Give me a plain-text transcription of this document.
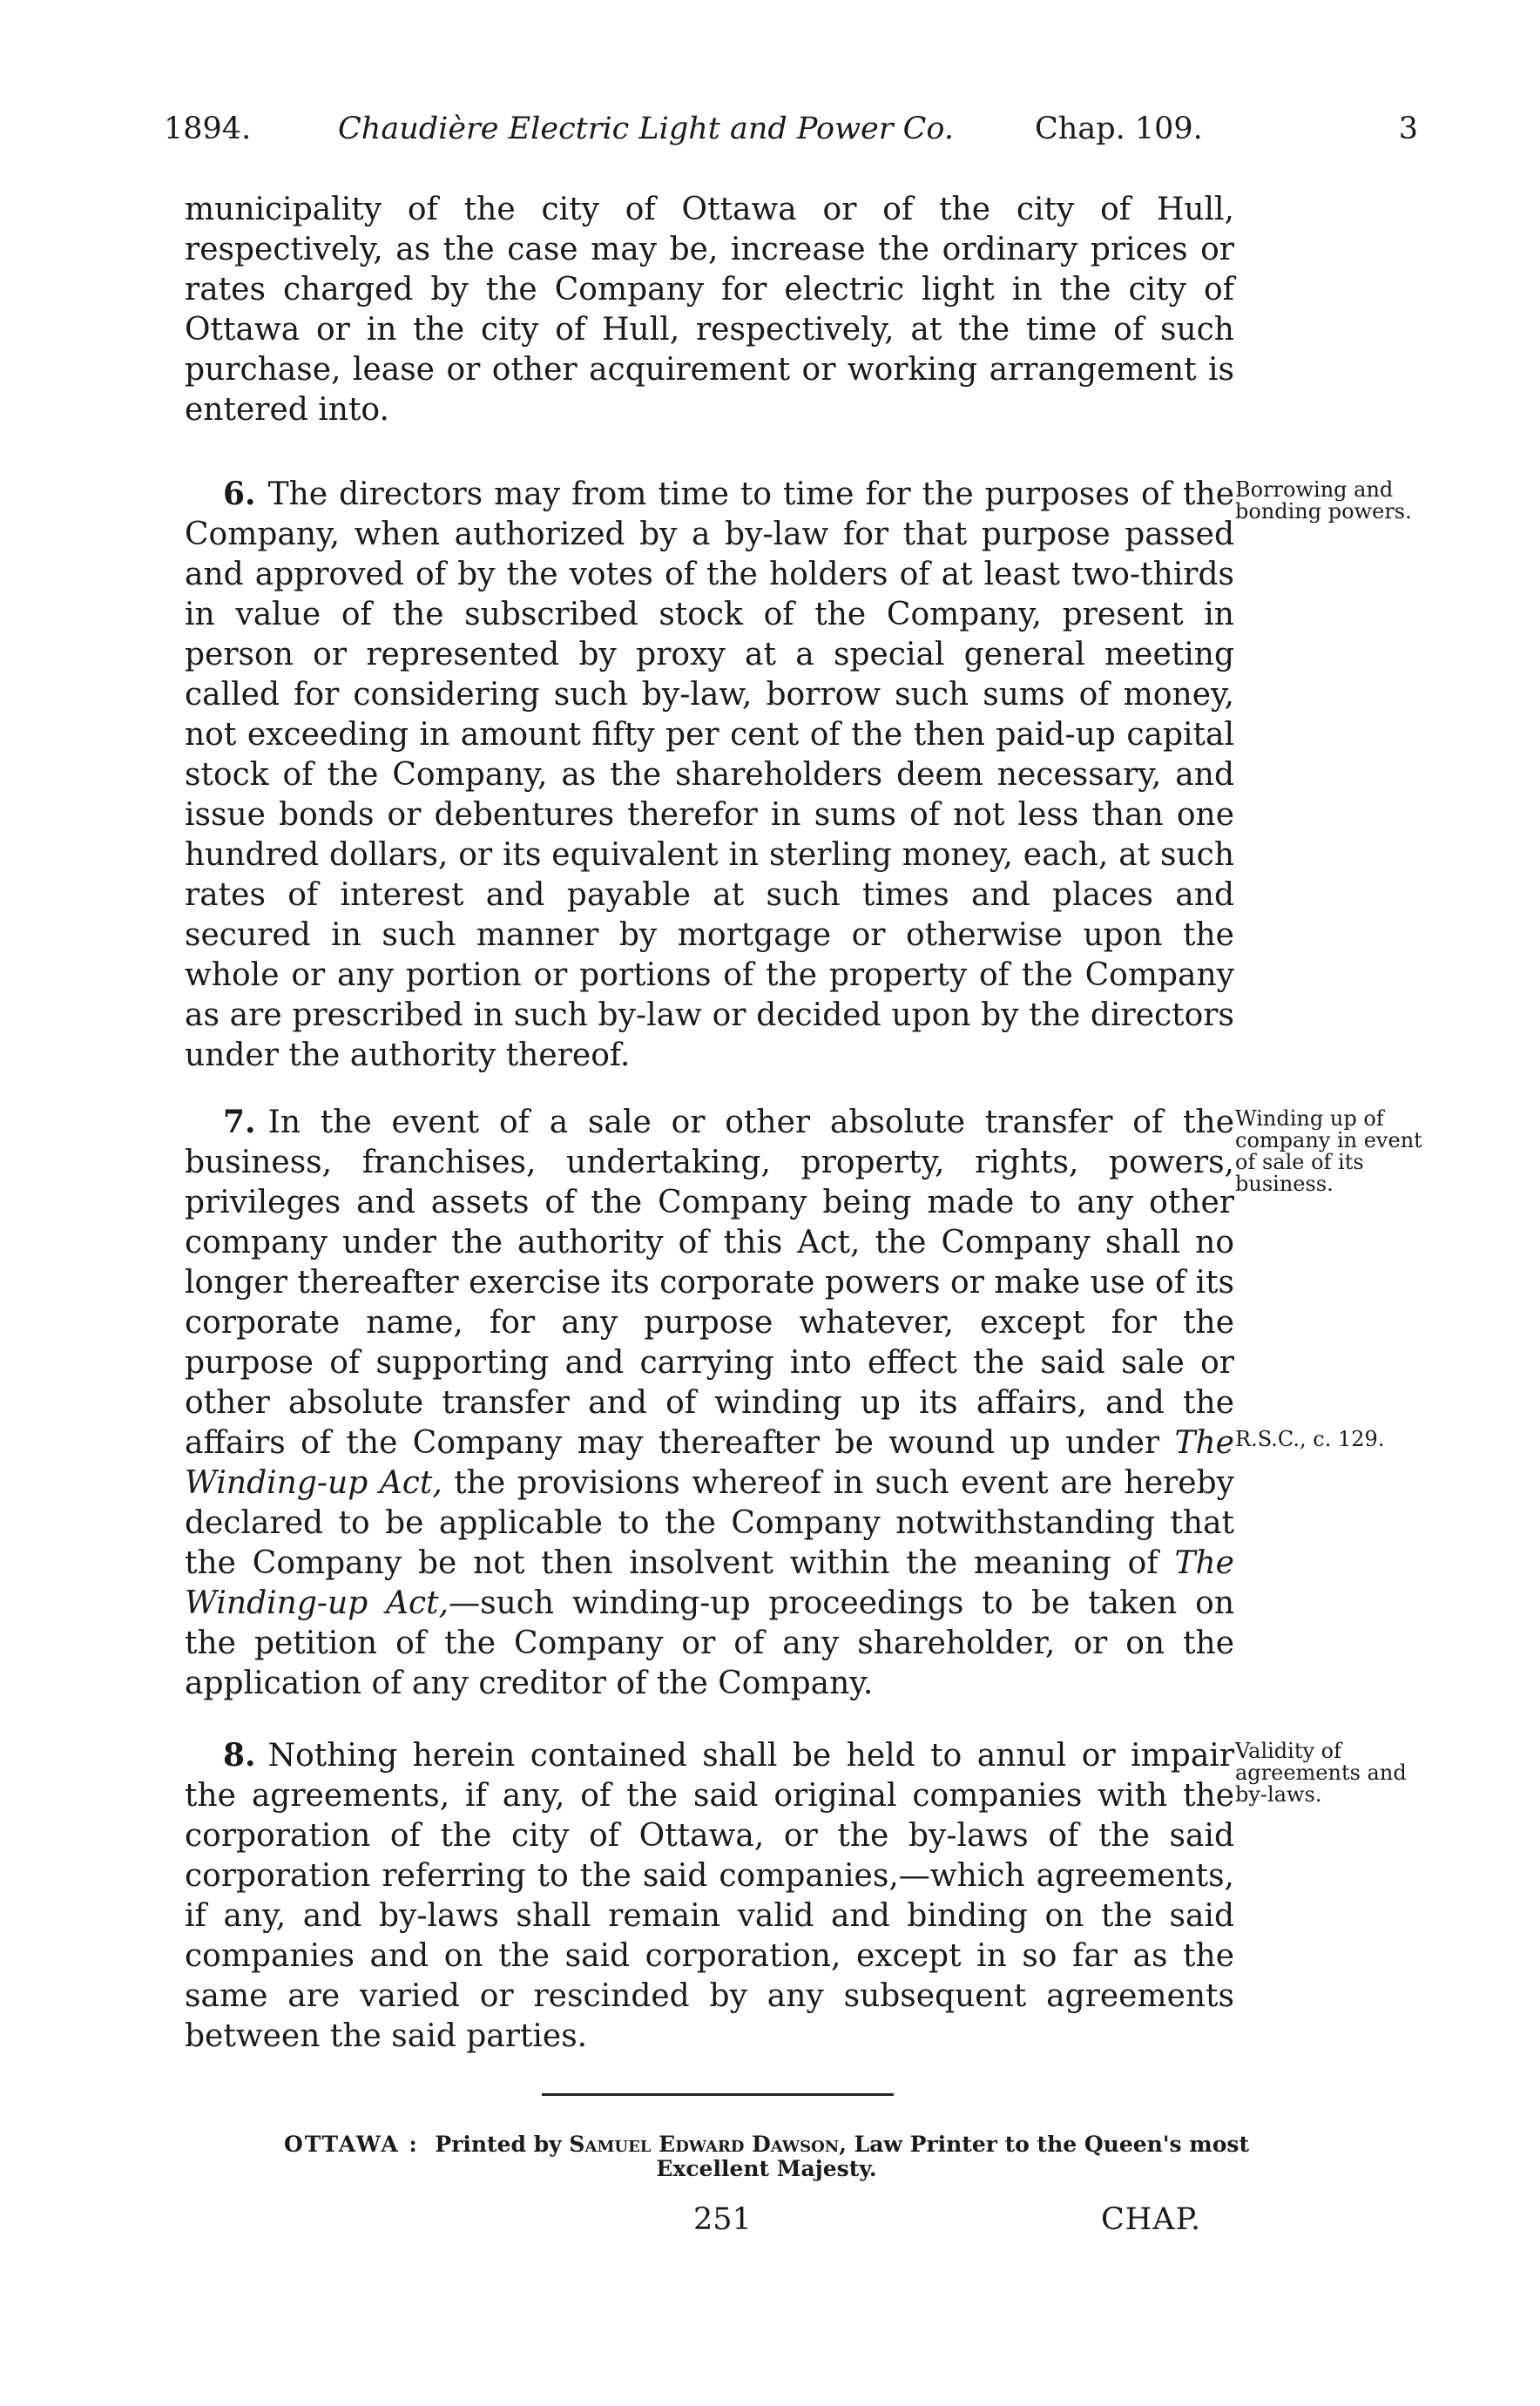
1894.	Chaudière Electric Light and Power Co.	Chap. 109.	3

municipality of the city of Ottawa or of the city of Hull, respectively, as the case may be, increase the ordinary prices or rates charged by the Company for electric light in the city of Ottawa or in the city of Hull, respectively, at the time of such purchase, lease or other acquirement or working arrangement is entered into.

6. The directors may from time to time for the purposes of the Company, when authorized by a by-law for that purpose passed and approved of by the votes of the holders of at least two-thirds in value of the subscribed stock of the Company, present in person or represented by proxy at a special general meeting called for considering such by-law, borrow such sums of money, not exceeding in amount fifty per cent of the then paid-up capital stock of the Company, as the shareholders deem necessary, and issue bonds or debentures therefor in sums of not less than one hundred dollars, or its equivalent in sterling money, each, at such rates of interest and payable at such times and places and secured in such manner by mortgage or otherwise upon the whole or any portion or portions of the property of the Company as are prescribed in such by-law or decided upon by the directors under the authority thereof.

Borrowing and bonding powers.

7. In the event of a sale or other absolute transfer of the business, franchises, undertaking, property, rights, powers, privileges and assets of the Company being made to any other company under the authority of this Act, the Company shall no longer thereafter exercise its corporate powers or make use of its corporate name, for any purpose whatever, except for the purpose of supporting and carrying into effect the said sale or other absolute transfer and of winding up its affairs, and the affairs of the Company may thereafter be wound up under The Winding-up Act, the provisions whereof in such event are hereby declared to be applicable to the Company notwithstanding that the Company be not then insolvent within the meaning of The Winding-up Act,—such winding-up proceedings to be taken on the petition of the Company or of any shareholder, or on the application of any creditor of the Company.

Winding up of company in event of sale of its business.
R.S.C., c. 129.

8. Nothing herein contained shall be held to annul or impair the agreements, if any, of the said original companies with the corporation of the city of Ottawa, or the by-laws of the said corporation referring to the said companies,—which agreements, if any, and by-laws shall remain valid and binding on the said companies and on the said corporation, except in so far as the same are varied or rescinded by any subsequent agreements between the said parties.

Validity of agreements and by-laws.
OTTAWA : Printed by Samuel Edward Dawson, Law Printer to the Queen's most Excellent Majesty.
251	CHAP.
